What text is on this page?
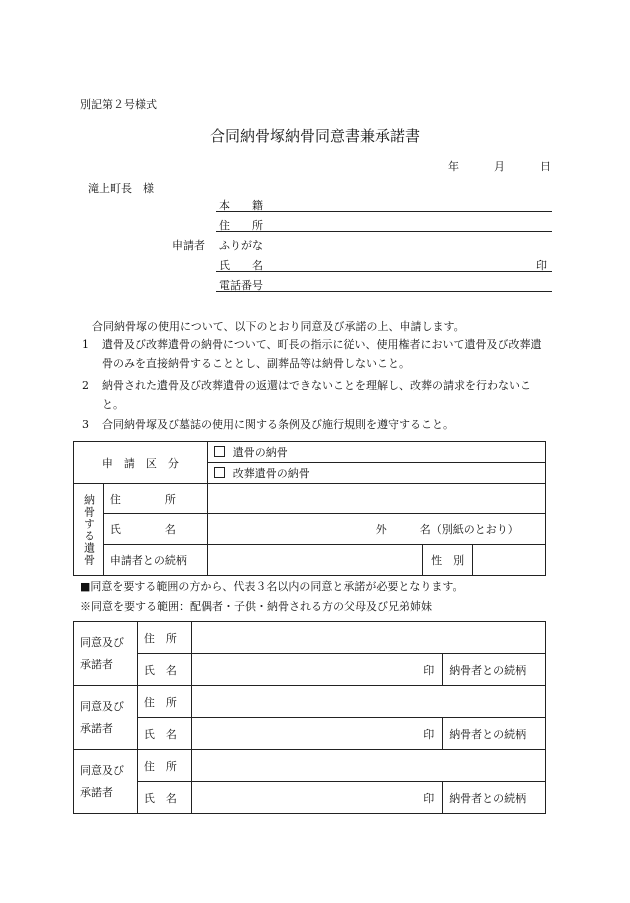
別記第２号様式
合同納骨塚納骨同意書兼承諾書
年	月	日
滝上町長　様
申請者
本　　籍
住　　所
ふりがな
氏　　名	印
電話番号
合同納骨塚の使用について、以下のとおり同意及び承諾の上、申請します。
1 遺骨及び改葬遺骨の納骨について、町長の指示に従い、使用権者において遺骨及び改葬遺骨のみを直接納骨することとし、副葬品等は納骨しないこと。
2 納骨された遺骨及び改葬遺骨の返還はできないことを理解し、改葬の請求を行わないこと。
3 合同納骨塚及び墓誌の使用に関する条例及び施行規則を遵守すること。
申　請　区　分		遺骨の納骨		
		改葬遺骨の納骨		

納骨する遺骨	住　　　　所			
	氏　　　　名	外　　　名（別紙のとおり）		
	申請者との続柄		性　別	
■同意を要する範囲の方から、代表３名以内の同意と承諾が必要となります。
※同意を要する範囲：配偶者・子供・納骨される方の父母及び兄弟姉妹
同意及び
承諾者	住　所		
	氏　名	印	納骨者との続柄

同意及び
承諾者	住　所		
	氏　名	印	納骨者との続柄

同意及び
承諾者	住　所		
	氏　名	印	納骨者との続柄
